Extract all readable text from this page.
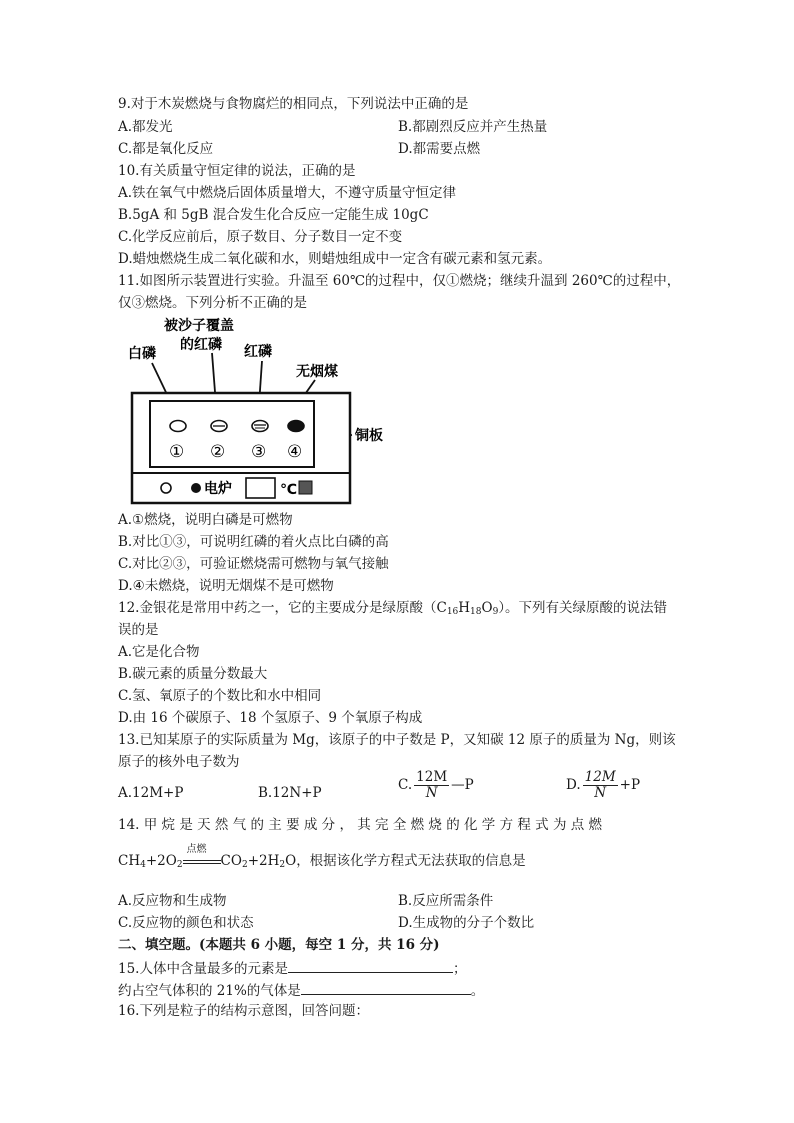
9.对于木炭燃烧与食物腐烂的相同点，下列说法中正确的是
A.都发光	B.都剧烈反应并产生热量
C.都是氧化反应	D.都需要点燃
10.有关质量守恒定律的说法，正确的是
A.铁在氧气中燃烧后固体质量增大，不遵守质量守恒定律
B.5gA 和 5gB 混合发生化合反应一定能生成 10gC
C.化学反应前后，原子数目、分子数目一定不变
D.蜡烛燃烧生成二氧化碳和水，则蜡烛组成中一定含有碳元素和氢元素。
11.如图所示装置进行实验。升温至 60℃的过程中，仅①燃烧；继续升温到 260℃的过程中，
仅③燃烧。下列分析不正确的是
白磷
被沙子覆盖
的红磷 红磷
无烟煤
铜板
① ② ③ ④
电炉	℃
A.①燃烧，说明白磷是可燃物
B.对比①③，可说明红磷的着火点比白磷的高
C.对比②③，可验证燃烧需可燃物与氧气接触
D.④未燃烧，说明无烟煤不是可燃物
12.金银花是常用中药之一，它的主要成分是绿原酸$(C_{16}H_{18}O_9)$。下列有关绿原酸的说法错
误的是
A.它是化合物
B.碳元素的质量分数最大
C.氢、氧原子的个数比和水中相同
D.由 16 个碳原子、18 个氢原子、9 个氧原子构成
13.已知某原子的实际质量为 Mg，该原子的中子数是 P，又知碳 12 原子的质量为 Ng，则该
原子的核外电子数为
A.12M+P	B.12N+P	C. $\frac{12M}{N}$ —P	D. $\frac{12M}{N} +P$
14. 甲 烷 是 天 然 气 的 主 要 成 分 ， 其 完 全 燃 烧 的 化 学 方 程 式 为 点 燃
$CH_4+2O_2$
点燃
$CO_2+2H_2O$，根据该化学方程式无法获取的信息是
A.反应物和生成物	B.反应所需条件
C.反应物的颜色和状态	D.生成物的分子个数比
二、填空题。(本题共 6 小题，每空 1 分，共 16 分)
15.人体中含量最多的元素是	；
约占空气体积的 21%的气体是	。
16.下列是粒子的结构示意图，回答问题：
